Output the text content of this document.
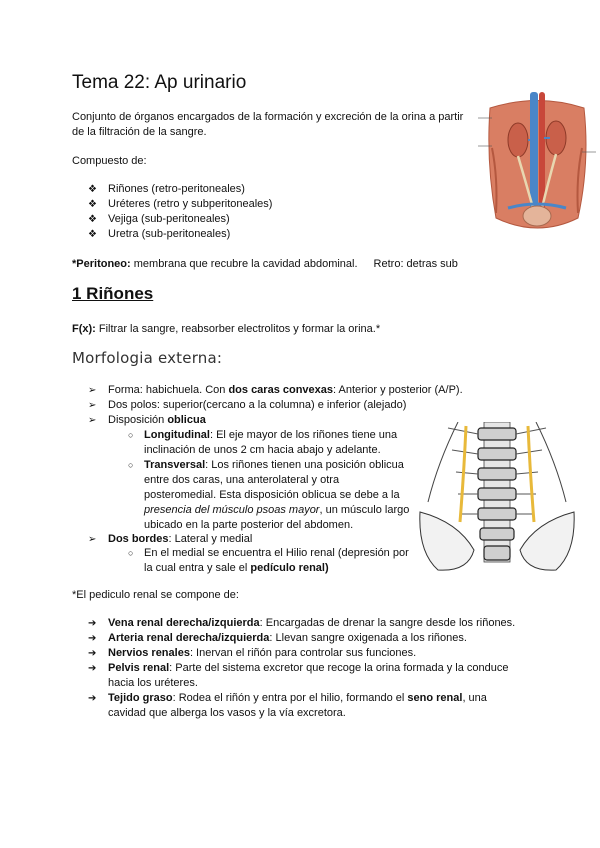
Tema 22: Ap urinario
Conjunto de órganos encargados de la formación y excreción de la orina a partir
de la filtración de la sangre.
Compuesto de:
❖ Riñones (retro-peritoneales)
❖ Uréteres (retro y subperitoneales)
❖ Vejiga (sub-peritoneales)
❖ Uretra (sub-peritoneales)
*Peritoneo: membrana que recubre la cavidad abdominal. Retro: detras sub
1 Riñones
F(x): Filtrar la sangre, reabsorber electrolitos y formar la orina.*
Morfologia externa:
➢ Forma: habichuela. Con dos caras convexas: Anterior y posterior (A/P).
➢ Dos polos: superior(cercano a la columna) e inferior (alejado)
➢ Disposición oblicua
○ Longitudinal: El eje mayor de los riñones tiene una
inclinación de unos 2 cm hacia abajo y adelante.
○ Transversal: Los riñones tienen una posición oblicua
entre dos caras, una anterolateral y otra
posteromedial. Esta disposición oblicua se debe a la
presencia del músculo psoas mayor, un músculo largo
ubicado en la parte posterior del abdomen.
➢ Dos bordes: Lateral y medial
○ En el medial se encuentra el Hilio renal (depresión por
la cual entra y sale el pedículo renal)
*El pediculo renal se compone de:
➔ Vena renal derecha/izquierda: Encargadas de drenar la sangre desde los riñones.
➔ Arteria renal derecha/izquierda: Llevan sangre oxigenada a los riñones.
➔ Nervios renales: Inervan el riñón para controlar sus funciones.
➔ Pelvis renal: Parte del sistema excretor que recoge la orina formada y la conduce
hacia los uréteres.
➔ Tejido graso: Rodea el riñón y entra por el hilio, formando el seno renal, una
cavidad que alberga los vasos y la vía excretora.
